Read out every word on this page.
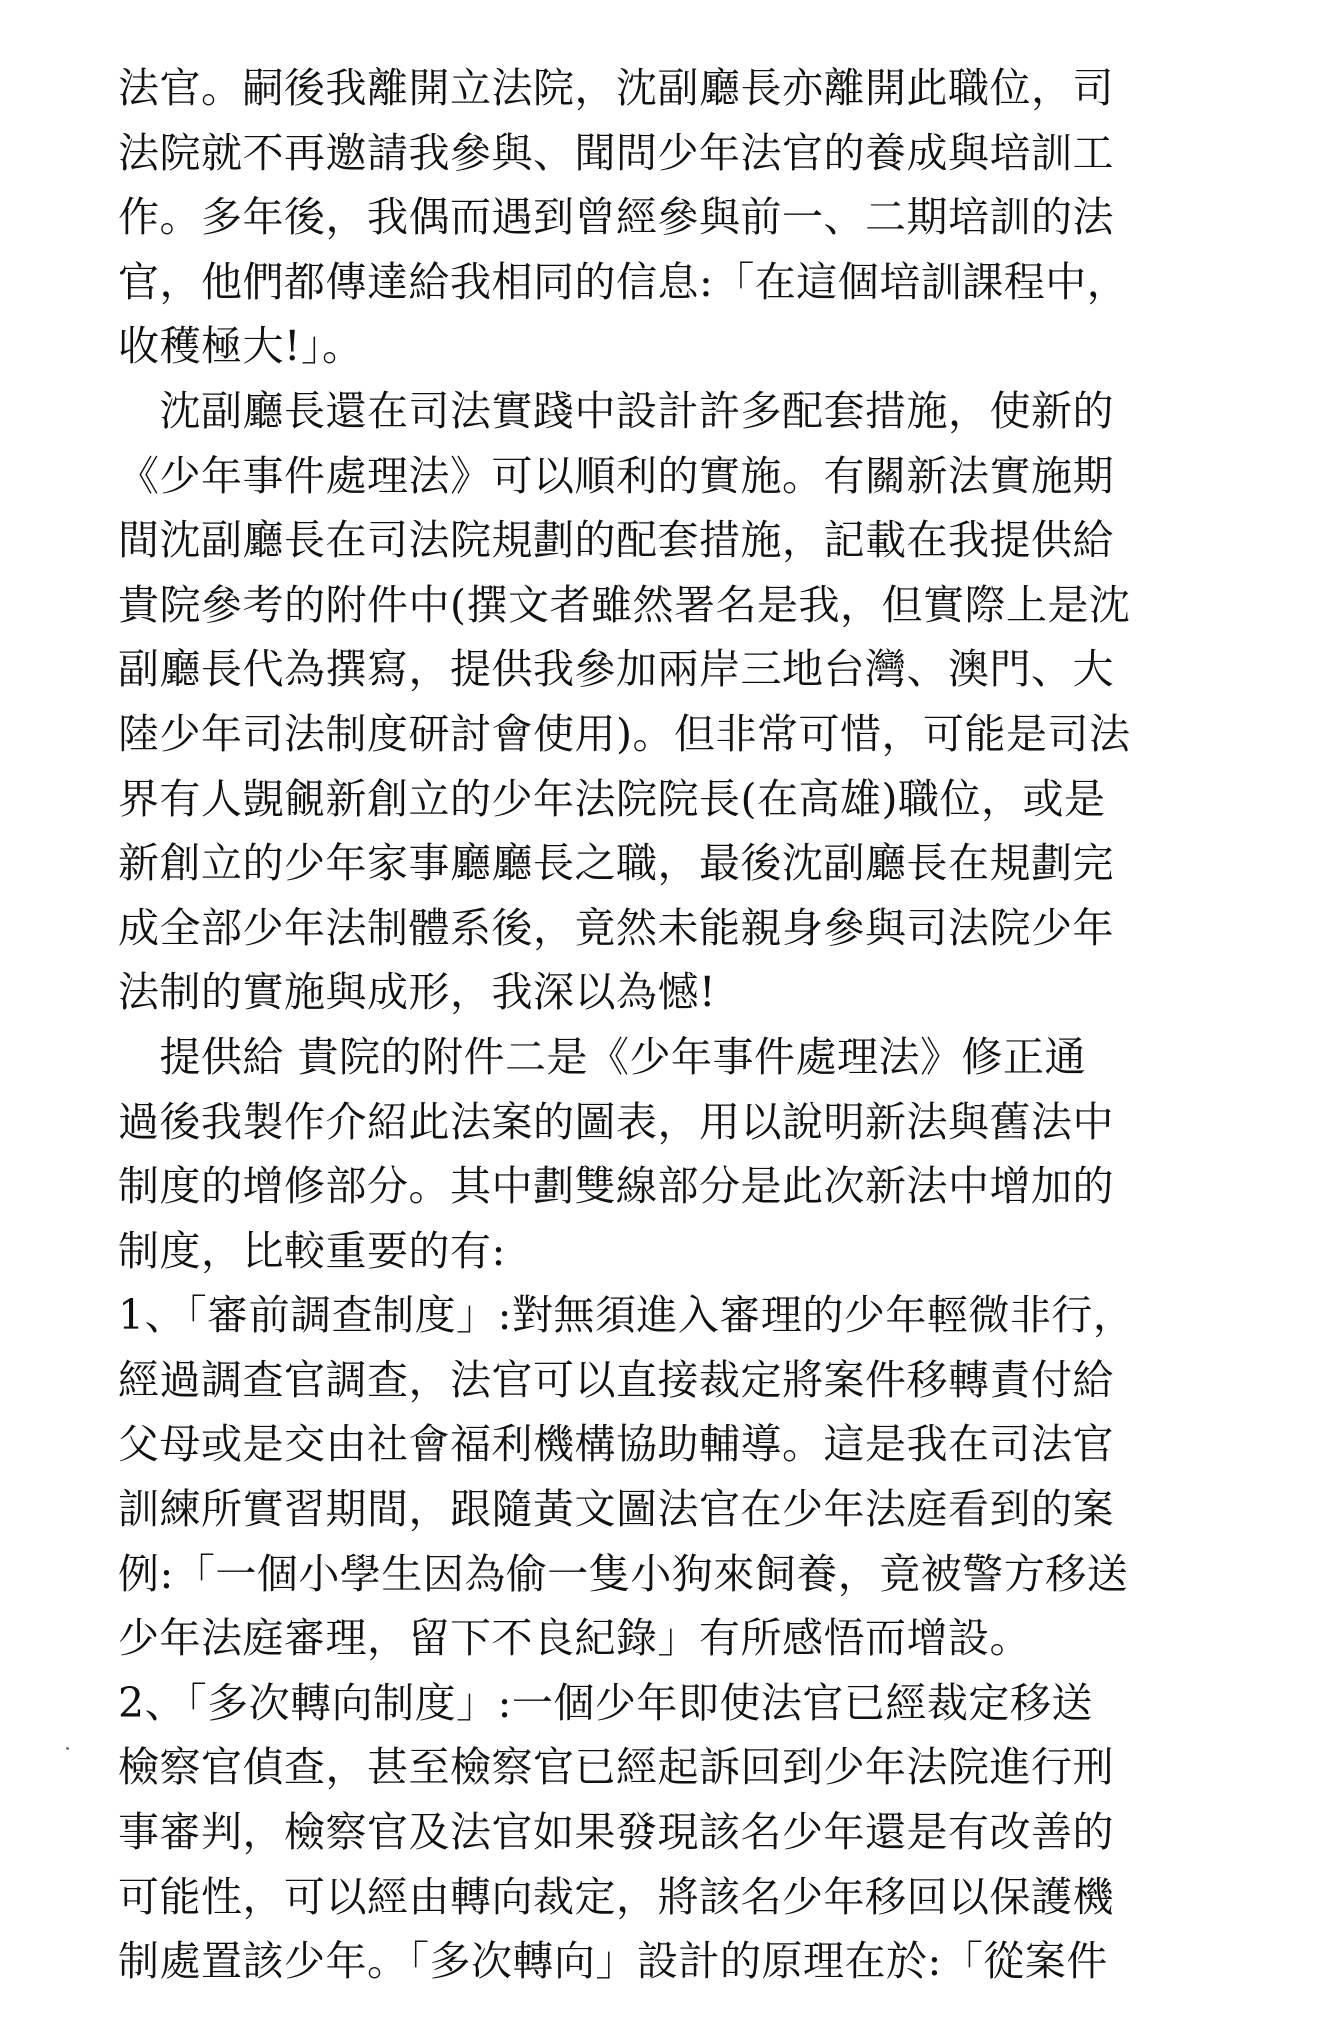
法官。嗣後我離開立法院，沈副廳長亦離開此職位，司
法院就不再邀請我參與、聞問少年法官的養成與培訓工
作。多年後，我偶而遇到曾經參與前一、二期培訓的法
官，他們都傳達給我相同的信息:「在這個培訓課程中，
收穫極大!」。
　沈副廳長還在司法實踐中設計許多配套措施，使新的
《少年事件處理法》可以順利的實施。有關新法實施期
間沈副廳長在司法院規劃的配套措施，記載在我提供給
貴院參考的附件中(撰文者雖然署名是我，但實際上是沈
副廳長代為撰寫，提供我參加兩岸三地台灣、澳門、大
陸少年司法制度研討會使用)。但非常可惜，可能是司法
界有人覬覦新創立的少年法院院長(在高雄)職位，或是
新創立的少年家事廳廳長之職，最後沈副廳長在規劃完
成全部少年法制體系後，竟然未能親身參與司法院少年
法制的實施與成形，我深以為憾!
　提供給 貴院的附件二是《少年事件處理法》修正通
過後我製作介紹此法案的圖表，用以說明新法與舊法中
制度的增修部分。其中劃雙線部分是此次新法中增加的
制度，比較重要的有:
1、「審前調查制度」:對無須進入審理的少年輕微非行，
經過調查官調查，法官可以直接裁定將案件移轉責付給
父母或是交由社會福利機構協助輔導。這是我在司法官
訓練所實習期間，跟隨黃文圖法官在少年法庭看到的案
例:「一個小學生因為偷一隻小狗來飼養，竟被警方移送
少年法庭審理，留下不良紀錄」有所感悟而增設。
2、「多次轉向制度」:一個少年即使法官已經裁定移送
檢察官偵查，甚至檢察官已經起訴回到少年法院進行刑
事審判，檢察官及法官如果發現該名少年還是有改善的
可能性，可以經由轉向裁定，將該名少年移回以保護機
制處置該少年。「多次轉向」設計的原理在於:「從案件
